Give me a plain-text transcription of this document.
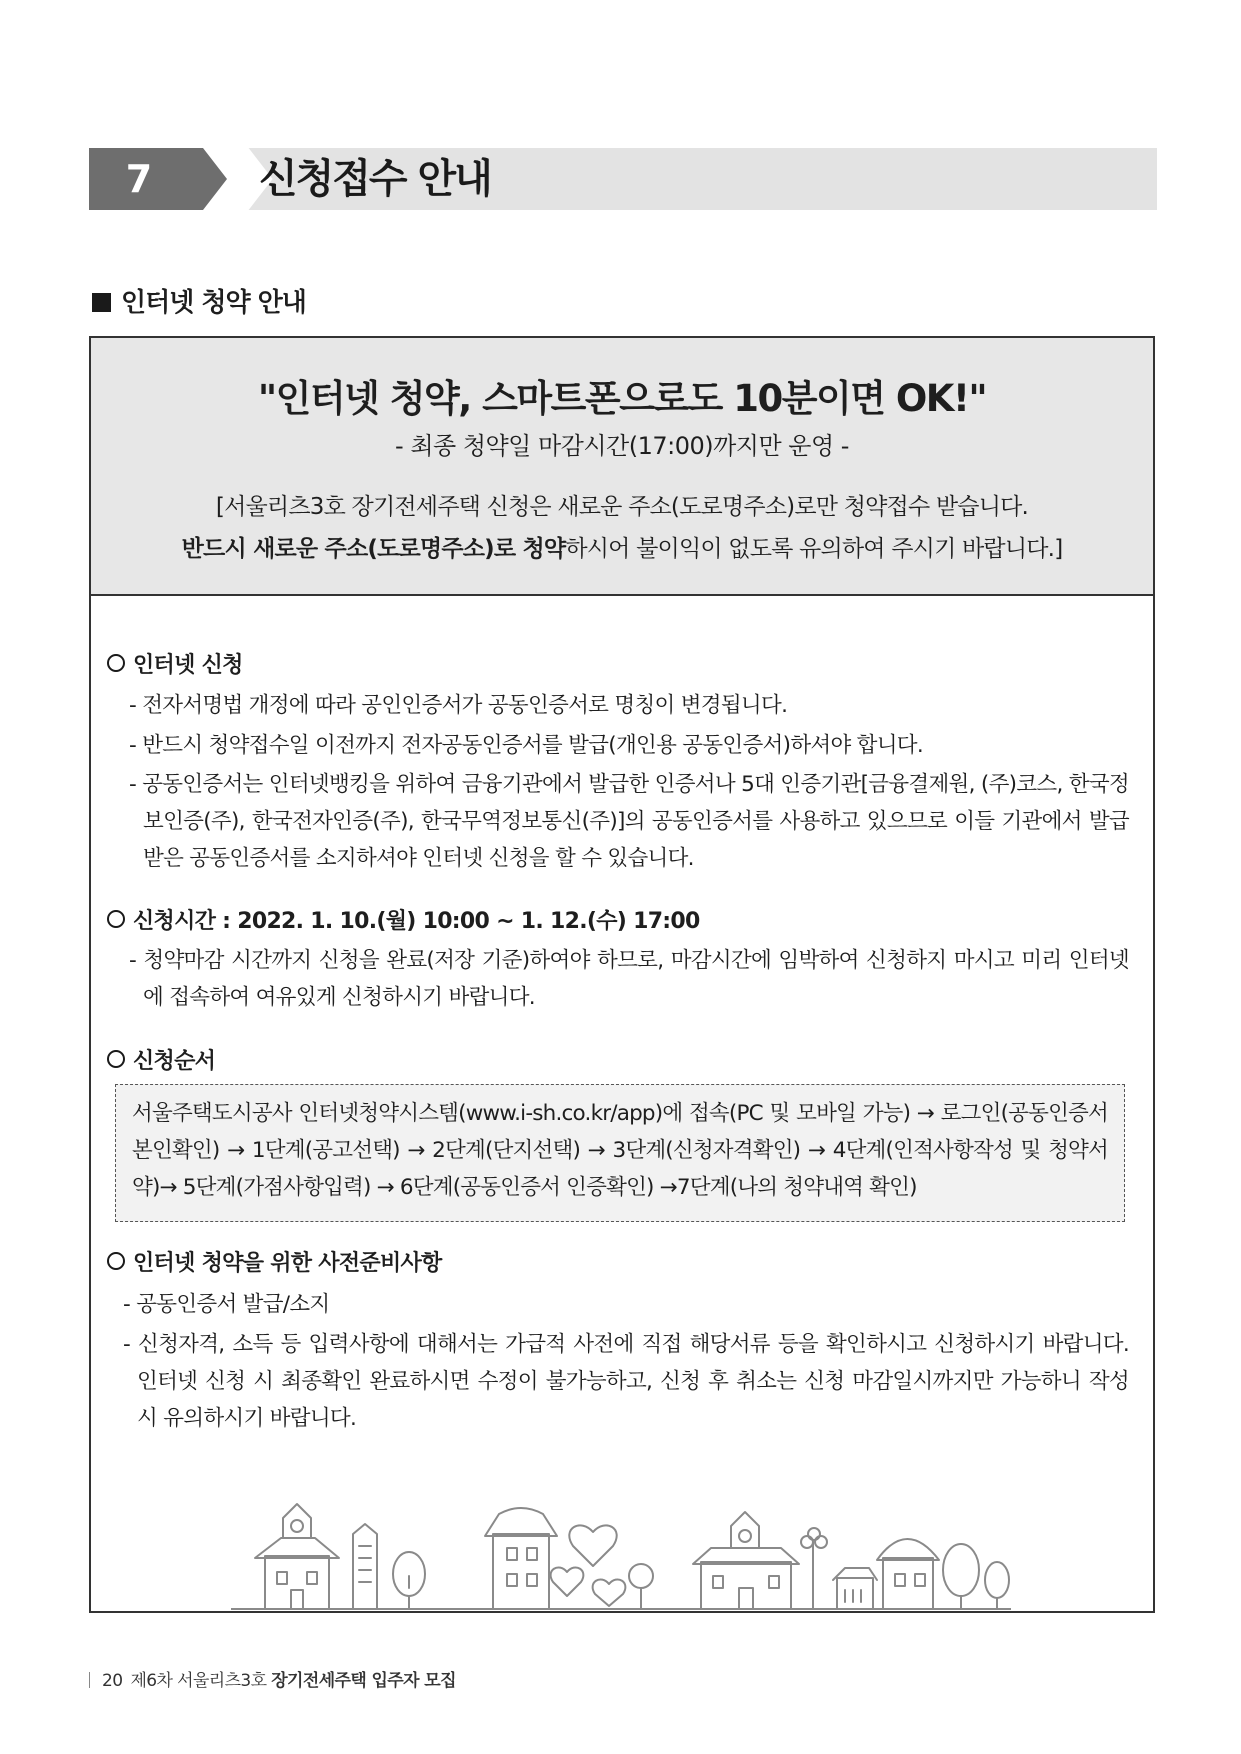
7	신청접수 안내
인터넷 청약 안내
"인터넷 청약, 스마트폰으로도 10분이면 OK!"
- 최종 청약일 마감시간(17:00)까지만 운영 -
[서울리츠3호 장기전세주택 신청은 새로운 주소(도로명주소)로만 청약접수 받습니다.
반드시 새로운 주소(도로명주소)로 청약하시어 불이익이 없도록 유의하여 주시기 바랍니다.]
인터넷 신청
- 전자서명법 개정에 따라 공인인증서가 공동인증서로 명칭이 변경됩니다.
- 반드시 청약접수일 이전까지 전자공동인증서를 발급(개인용 공동인증서)하셔야 합니다.
- 공동인증서는 인터넷뱅킹을 위하여 금융기관에서 발급한 인증서나 5대 인증기관[금융결제원, (주)코스, 한국정보인증(주), 한국전자인증(주), 한국무역정보통신(주)]의 공동인증서를 사용하고 있으므로 이들 기관에서 발급받은 공동인증서를 소지하셔야 인터넷 신청을 할 수 있습니다.
신청시간 : 2022. 1. 10.(월) 10:00 ~ 1. 12.(수) 17:00
- 청약마감 시간까지 신청을 완료(저장 기준)하여야 하므로, 마감시간에 임박하여 신청하지 마시고 미리 인터넷에 접속하여 여유있게 신청하시기 바랍니다.
신청순서
서울주택도시공사 인터넷청약시스템(www.i-sh.co.kr/app)에 접속(PC 및 모바일 가능) → 로그인(공동인증서 본인확인) → 1단계(공고선택) → 2단계(단지선택) → 3단계(신청자격확인) → 4단계(인적사항작성 및 청약서약)→ 5단계(가점사항입력) → 6단계(공동인증서 인증확인) →7단계(나의 청약내역 확인)
인터넷 청약을 위한 사전준비사항
- 공동인증서 발급/소지
- 신청자격, 소득 등 입력사항에 대해서는 가급적 사전에 직접 해당서류 등을 확인하시고 신청하시기 바랍니다. 인터넷 신청 시 최종확인 완료하시면 수정이 불가능하고, 신청 후 취소는 신청 마감일시까지만 가능하니 작성 시 유의하시기 바랍니다.
20 제6차 서울리츠3호 장기전세주택 입주자 모집
